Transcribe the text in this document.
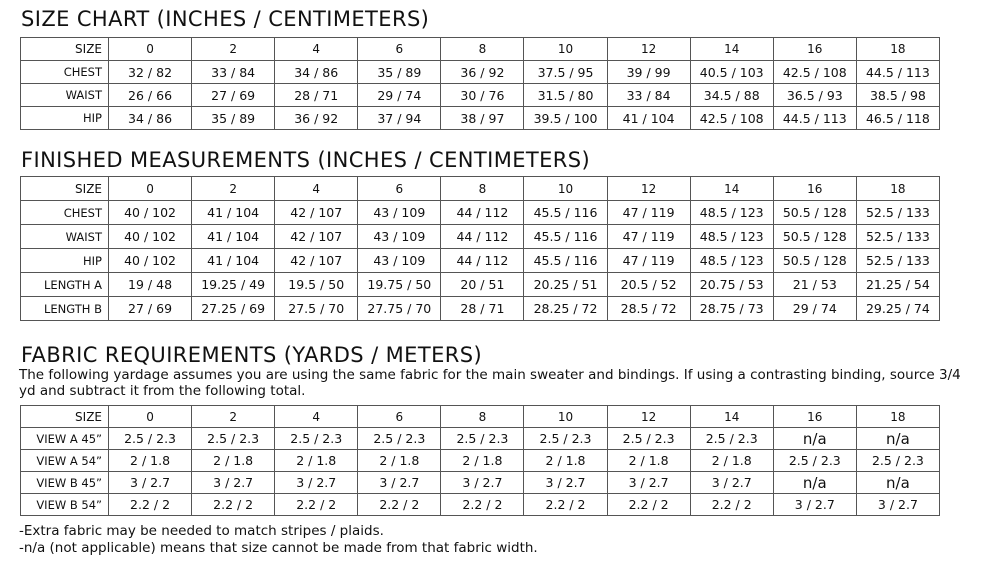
SIZE CHART (INCHES / CENTIMETERS)
SIZE	0	2	4	6	8	10	12	14	16	18
CHEST	32 / 82	33 / 84	34 / 86	35 / 89	36 / 92	37.5 / 95	39 / 99	40.5 / 103	42.5 / 108	44.5 / 113
WAIST	26 / 66	27 / 69	28 / 71	29 / 74	30 / 76	31.5 / 80	33 / 84	34.5 / 88	36.5 / 93	38.5 / 98
HIP	34 / 86	35 / 89	36 / 92	37 / 94	38 / 97	39.5 / 100	41 / 104	42.5 / 108	44.5 / 113	46.5 / 118
FINISHED MEASUREMENTS (INCHES / CENTIMETERS)
SIZE	0	2	4	6	8	10	12	14	16	18
CHEST	40 / 102	41 / 104	42 / 107	43 / 109	44 / 112	45.5 / 116	47 / 119	48.5 / 123	50.5 / 128	52.5 / 133
WAIST	40 / 102	41 / 104	42 / 107	43 / 109	44 / 112	45.5 / 116	47 / 119	48.5 / 123	50.5 / 128	52.5 / 133
HIP	40 / 102	41 / 104	42 / 107	43 / 109	44 / 112	45.5 / 116	47 / 119	48.5 / 123	50.5 / 128	52.5 / 133
LENGTH A	19 / 48	19.25 / 49	19.5 / 50	19.75 / 50	20 / 51	20.25 / 51	20.5 / 52	20.75 / 53	21 / 53	21.25 / 54
LENGTH B	27 / 69	27.25 / 69	27.5 / 70	27.75 / 70	28 / 71	28.25 / 72	28.5 / 72	28.75 / 73	29 / 74	29.25 / 74
FABRIC REQUIREMENTS (YARDS / METERS)

The following yardage assumes you are using the same fabric for the main sweater and bindings. If using a contrasting binding, source 3/4 yd and subtract it from the following total.

SIZE	0	2	4	6	8	10	12	14	16	18
VIEW A 45”	2.5 / 2.3	2.5 / 2.3	2.5 / 2.3	2.5 / 2.3	2.5 / 2.3	2.5 / 2.3	2.5 / 2.3	2.5 / 2.3	n/a	n/a
VIEW A 54”	2 / 1.8	2 / 1.8	2 / 1.8	2 / 1.8	2 / 1.8	2 / 1.8	2 / 1.8	2 / 1.8	2.5 / 2.3	2.5 / 2.3
VIEW B 45”	3 / 2.7	3 / 2.7	3 / 2.7	3 / 2.7	3 / 2.7	3 / 2.7	3 / 2.7	3 / 2.7	n/a	n/a
VIEW B 54”	2.2 / 2	2.2 / 2	2.2 / 2	2.2 / 2	2.2 / 2	2.2 / 2	2.2 / 2	2.2 / 2	3 / 2.7	3 / 2.7
-Extra fabric may be needed to match stripes / plaids.
-n/a (not applicable) means that size cannot be made from that fabric width.
